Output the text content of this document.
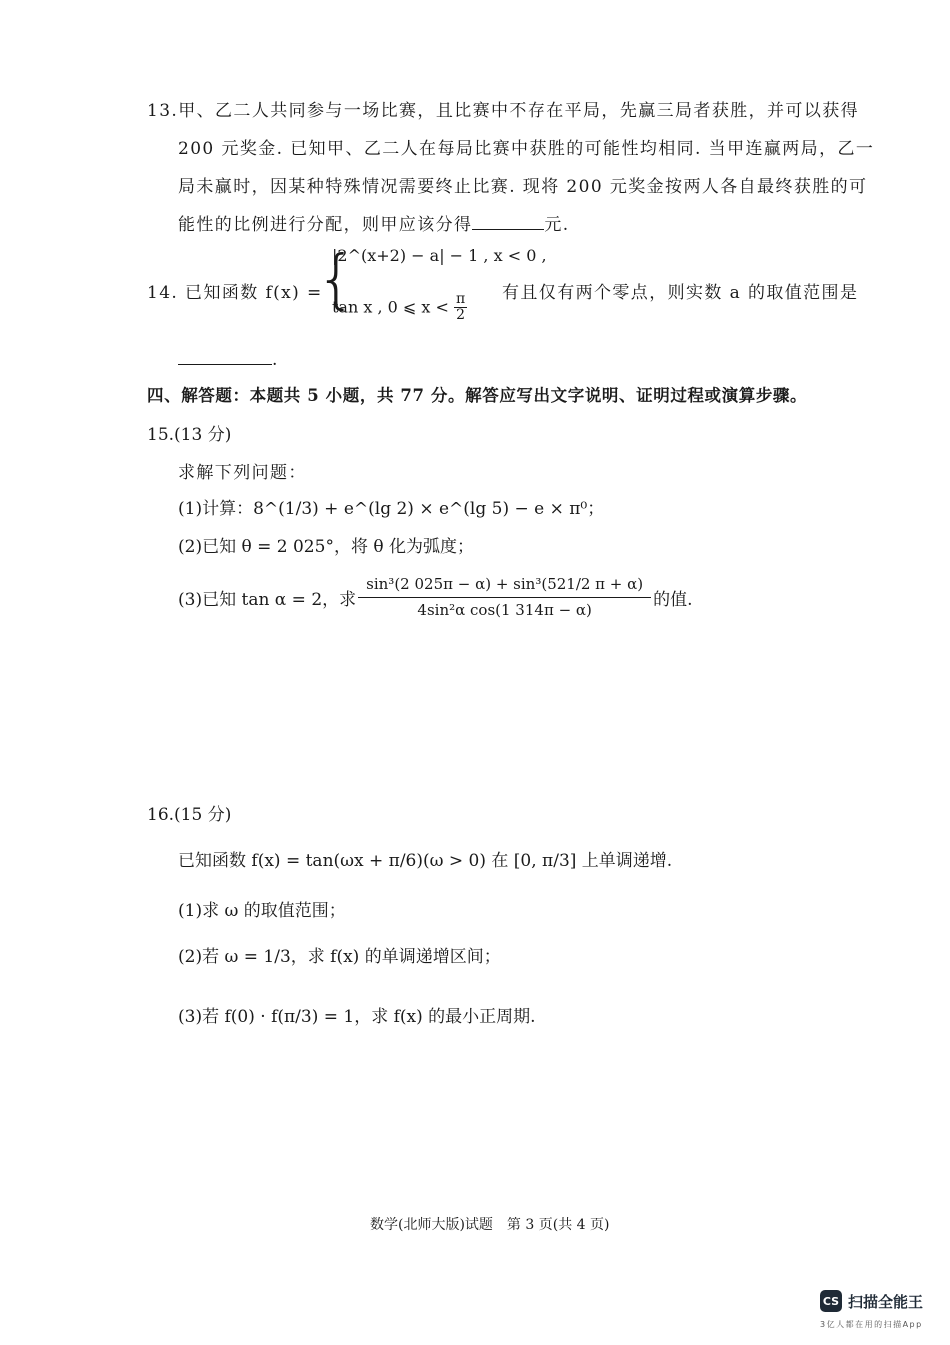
13.甲、乙二人共同参与一场比赛，且比赛中不存在平局，先赢三局者获胜，并可以获得
200 元奖金. 已知甲、乙二人在每局比赛中获胜的可能性均相同. 当甲连赢两局，乙一
局未赢时，因某种特殊情况需要终止比赛. 现将 200 元奖金按两人各自最终获胜的可
能性的比例进行分配，则甲应该分得	元.
14. 已知函数 f(x) =
{
|2^(x+2) − a| − 1 , x < 0 ,
tan x , 0 ⩽ $x < \frac{\pi}{2}$ 有且仅有两个零点，则实数 a 的取值范围是
.
四、解答题：本题共 5 小题，共 77 分。解答应写出文字说明、证明过程或演算步骤。
15.(13 分)
求解下列问题：
(1)计算：8^(1/3) + e^(lg 2) × e^(lg 5) − e × π⁰；
(2)已知 θ = 2 025°，将 θ 化为弧度；
(3)已知 tan α = 2，求 $\frac{\text{sin³(2 025π − α) + sin³(521/2 π + α)}}{\text{4sin²α cos(1 314π − α)}}$ 的值.
16.(15 分)
已知函数 f(x) = tan(ωx + π/6)(ω > 0) 在 [0, π/3] 上单调递增.
(1)求 ω 的取值范围；
(2)若 ω = 1/3，求 f(x) 的单调递增区间；
(3)若 f(0) · f(π/3) = 1，求 f(x) 的最小正周期.
数学(北师大版)试题　第 3 页(共 4 页)
CS 扫描全能王
3亿人都在用的扫描App
